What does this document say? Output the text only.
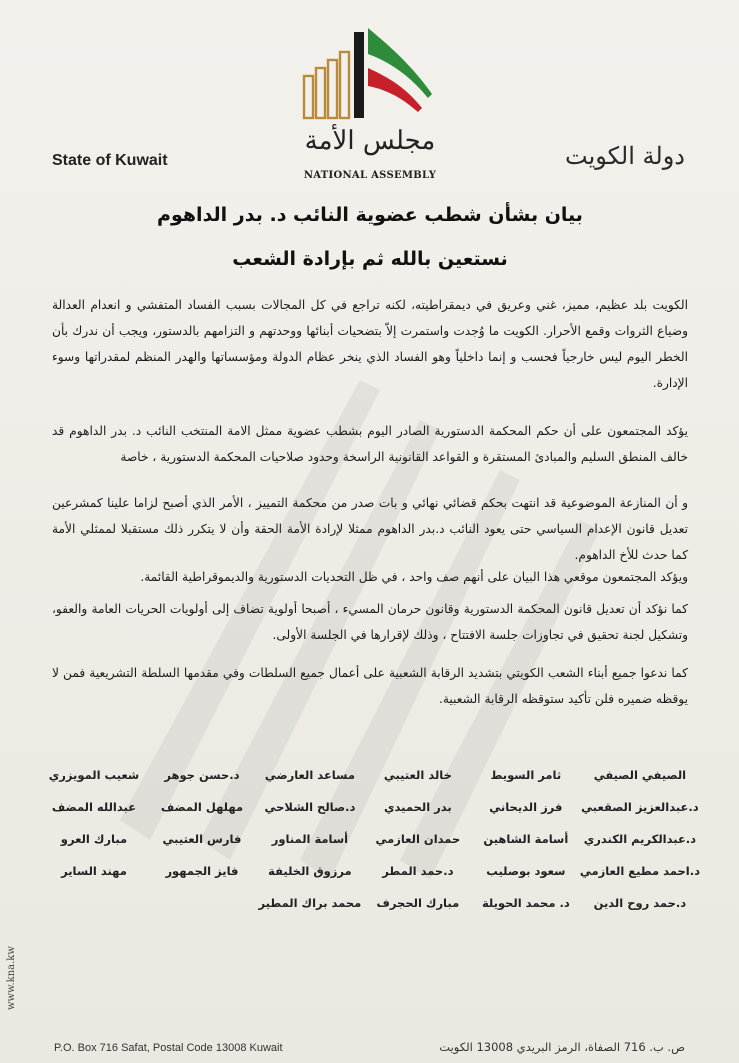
مجلس الأمة
NATIONAL ASSEMBLY
State of Kuwait	دولة الكويت
بيان بشأن شطب عضوية النائب د. بدر الداهوم
نستعين بالله ثم بإرادة الشعب
الكويت بلد عظيم، مميز، غني وعريق في ديمقراطيته، لكنه تراجع في كل المجالات بسبب الفساد المتفشي و انعدام العدالة وضياع الثروات وقمع الأحرار. الكويت ما وُجدت واستمرت إلاّ بتضحيات أبنائها ووحدتهم و التزامهم بالدستور، ويجب أن ندرك بأن الخطر اليوم ليس خارجياً فحسب و إنما داخلياً وهو الفساد الذي ينخر عظام الدولة ومؤسساتها والهدر المنظم لمقدراتها وسوء الإدارة.
يؤكد المجتمعون على أن حكم المحكمة الدستورية الصادر اليوم بشطب عضوية ممثل الامة المنتخب النائب د. بدر الداهوم قد خالف المنطق السليم والمبادئ المستقرة و القواعد القانونية الراسخة وحدود صلاحيات المحكمة الدستورية ، خاصة
و أن المنازعة الموضوعية قد انتهت بحكم قضائي نهائي و بات صدر من محكمة التمييز ، الأمر الذي أصبح لزاما علينا كمشرعين تعديل قانون الإعدام السياسي حتى يعود النائب د.بدر الداهوم ممثلا لإرادة الأمة الحقة وأن لا يتكرر ذلك مستقبلا لممثلي الأمة كما حدث للأخ الداهوم.
ويؤكد المجتمعون موقعي هذا البيان على أنهم صف واحد ، في ظل التحديات الدستورية والديموقراطية القائمة.
كما نؤكد أن تعديل قانون المحكمة الدستورية وقانون حرمان المسيء ، أصبحا أولوية تضاف إلى أولويات الحريات العامة والعفو، وتشكيل لجنة تحقيق في تجاوزات جلسة الافتتاح ، وذلك لإقرارها في الجلسة الأولى.
كما ندعوا جميع أبناء الشعب الكويتي بتشديد الرقابة الشعبية على أعمال جميع السلطات وفي مقدمها السلطة التشريعية فمن لا يوقظه ضميره فلن تأكيد ستوقظه الرقابة الشعبية.
الصيفي الصيفي
ثامر السويط
خالد العتيبي
مساعد العارضي
د.حسن جوهر
شعيب المويزري
د.عبدالعزيز الصقعبي
فرز الديحاني
بدر الحميدي
د.صالح الشلاحي
مهلهل المضف
عبدالله المضف
د.عبدالكريم الكندري
أسامة الشاهين
حمدان العازمي
أسامة المناور
فارس العتيبي
مبارك العرو
د.احمد مطيع العازمي
سعود بوصليب
د.حمد المطر
مرزوق الخليفة
فايز الجمهور
مهند الساير
د.حمد روح الدين
د. محمد الحويلة
مبارك الحجرف
محمد براك المطير
www.kna.kw
P.O. Box 716 Safat, Postal Code 13008 Kuwait	ص. ب. 716 الصفاة، الرمز البريدي 13008 الكويت
